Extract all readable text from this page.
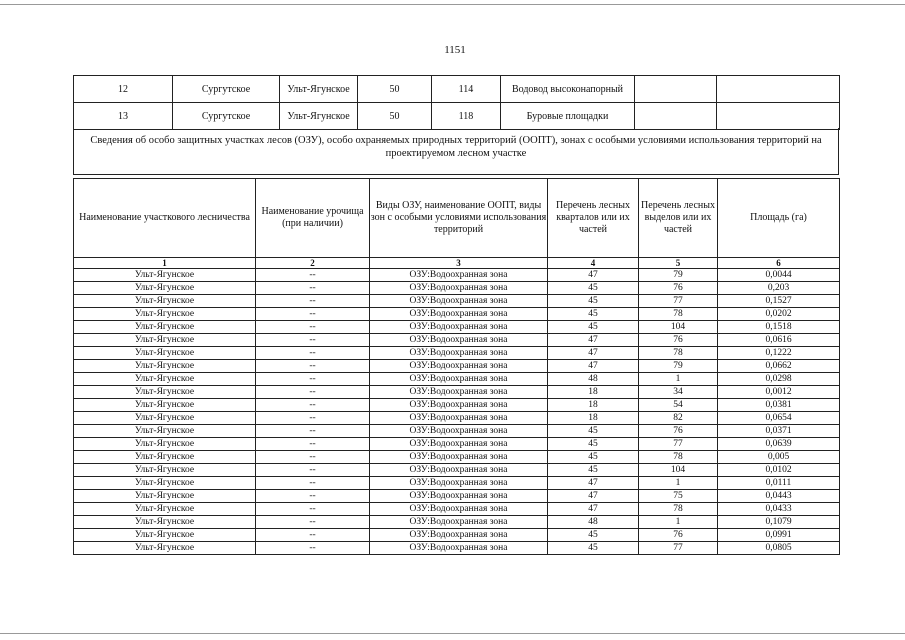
1151
12	Сургутское	Ульт-Ягунское	50	114	Водовод высоконапорный		
13	Сургутское	Ульт-Ягунское	50	118	Буровые площадки		
Сведения об особо защитных участках лесов (ОЗУ), особо охраняемых природных территорий (ООПТ), зонах с особыми условиями использования территорий на проектируемом лесном участке
Наименование участкового лесничества	Наименование урочища (при наличии)	Виды ОЗУ, наименование ООПТ, виды зон с особыми условиями использования территорий	Перечень лесных кварталов или их частей	Перечень лесных выделов или их частей	Площадь (га)
1	2	3	4	5	6
Ульт-Ягунское	--	ОЗУ:Водоохранная зона	47	79	0,0044
Ульт-Ягунское	--	ОЗУ:Водоохранная зона	45	76	0,203
Ульт-Ягунское	--	ОЗУ:Водоохранная зона	45	77	0,1527
Ульт-Ягунское	--	ОЗУ:Водоохранная зона	45	78	0,0202
Ульт-Ягунское	--	ОЗУ:Водоохранная зона	45	104	0,1518
Ульт-Ягунское	--	ОЗУ:Водоохранная зона	47	76	0,0616
Ульт-Ягунское	--	ОЗУ:Водоохранная зона	47	78	0,1222
Ульт-Ягунское	--	ОЗУ:Водоохранная зона	47	79	0,0662
Ульт-Ягунское	--	ОЗУ:Водоохранная зона	48	1	0,0298
Ульт-Ягунское	--	ОЗУ:Водоохранная зона	18	34	0,0012
Ульт-Ягунское	--	ОЗУ:Водоохранная зона	18	54	0,0381
Ульт-Ягунское	--	ОЗУ:Водоохранная зона	18	82	0,0654
Ульт-Ягунское	--	ОЗУ:Водоохранная зона	45	76	0,0371
Ульт-Ягунское	--	ОЗУ:Водоохранная зона	45	77	0,0639
Ульт-Ягунское	--	ОЗУ:Водоохранная зона	45	78	0,005
Ульт-Ягунское	--	ОЗУ:Водоохранная зона	45	104	0,0102
Ульт-Ягунское	--	ОЗУ:Водоохранная зона	47	1	0,0111
Ульт-Ягунское	--	ОЗУ:Водоохранная зона	47	75	0,0443
Ульт-Ягунское	--	ОЗУ:Водоохранная зона	47	78	0,0433
Ульт-Ягунское	--	ОЗУ:Водоохранная зона	48	1	0,1079
Ульт-Ягунское	--	ОЗУ:Водоохранная зона	45	76	0,0991
Ульт-Ягунское	--	ОЗУ:Водоохранная зона	45	77	0,0805
